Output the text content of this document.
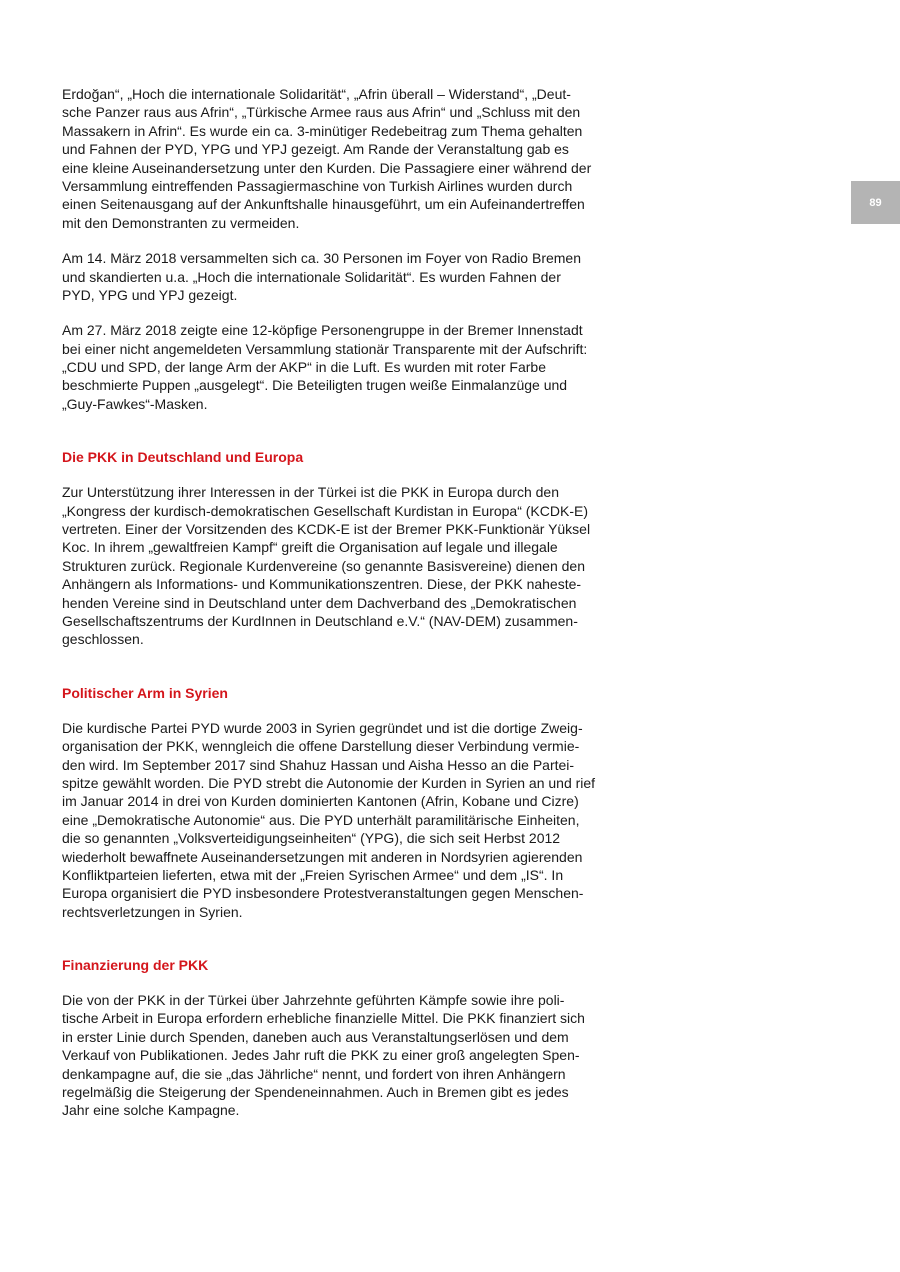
89
Erdoğan“, „Hoch die internationale Solidarität“, „Afrin überall – Widerstand“, „Deut-
sche Panzer raus aus Afrin“, „Türkische Armee raus aus Afrin“ und „Schluss mit den
Massakern in Afrin“. Es wurde ein ca. 3-minütiger Redebeitrag zum Thema gehalten
und Fahnen der PYD, YPG und YPJ gezeigt. Am Rande der Veranstaltung gab es
eine kleine Auseinandersetzung unter den Kurden. Die Passagiere einer während der
Versammlung eintreffenden Passagiermaschine von Turkish Airlines wurden durch
einen Seitenausgang auf der Ankunftshalle hinausgeführt, um ein Aufeinandertreffen
mit den Demonstranten zu vermeiden.
Am 14. März 2018 versammelten sich ca. 30 Personen im Foyer von Radio Bremen
und skandierten u.a. „Hoch die internationale Solidarität“. Es wurden Fahnen der
PYD, YPG und YPJ gezeigt.
Am 27. März 2018 zeigte eine 12-köpfige Personengruppe in der Bremer Innenstadt
bei einer nicht angemeldeten Versammlung stationär Transparente mit der Aufschrift:
„CDU und SPD, der lange Arm der AKP“ in die Luft. Es wurden mit roter Farbe
beschmierte Puppen „ausgelegt“. Die Beteiligten trugen weiße Einmalanzüge und
„Guy-Fawkes“-Masken.
Die PKK in Deutschland und Europa
Zur Unterstützung ihrer Interessen in der Türkei ist die PKK in Europa durch den
„Kongress der kurdisch-demokratischen Gesellschaft Kurdistan in Europa“ (KCDK-E)
vertreten. Einer der Vorsitzenden des KCDK-E ist der Bremer PKK-Funktionär Yüksel
Koc. In ihrem „gewaltfreien Kampf“ greift die Organisation auf legale und illegale
Strukturen zurück. Regionale Kurdenvereine (so genannte Basisvereine) dienen den
Anhängern als Informations- und Kommunikationszentren. Diese, der PKK naheste-
henden Vereine sind in Deutschland unter dem Dachverband des „Demokratischen
Gesellschaftszentrums der KurdInnen in Deutschland e.V.“ (NAV-DEM) zusammen-
geschlossen.
Politischer Arm in Syrien
Die kurdische Partei PYD wurde 2003 in Syrien gegründet und ist die dortige Zweig-
organisation der PKK, wenngleich die offene Darstellung dieser Verbindung vermie-
den wird. Im September 2017 sind Shahuz Hassan und Aisha Hesso an die Partei-
spitze gewählt worden. Die PYD strebt die Autonomie der Kurden in Syrien an und rief
im Januar 2014 in drei von Kurden dominierten Kantonen (Afrin, Kobane und Cizre)
eine „Demokratische Autonomie“ aus. Die PYD unterhält paramilitärische Einheiten,
die so genannten „Volksverteidigungseinheiten“ (YPG), die sich seit Herbst 2012
wiederholt bewaffnete Auseinandersetzungen mit anderen in Nordsyrien agierenden
Konfliktparteien lieferten, etwa mit der „Freien Syrischen Armee“ und dem „IS“. In
Europa organisiert die PYD insbesondere Protestveranstaltungen gegen Menschen-
rechtsverletzungen in Syrien.
Finanzierung der PKK
Die von der PKK in der Türkei über Jahrzehnte geführten Kämpfe sowie ihre poli-
tische Arbeit in Europa erfordern erhebliche finanzielle Mittel. Die PKK finanziert sich
in erster Linie durch Spenden, daneben auch aus Veranstaltungserlösen und dem
Verkauf von Publikationen. Jedes Jahr ruft die PKK zu einer groß angelegten Spen-
denkampagne auf, die sie „das Jährliche“ nennt, und fordert von ihren Anhängern
regelmäßig die Steigerung der Spendeneinnahmen. Auch in Bremen gibt es jedes
Jahr eine solche Kampagne.
